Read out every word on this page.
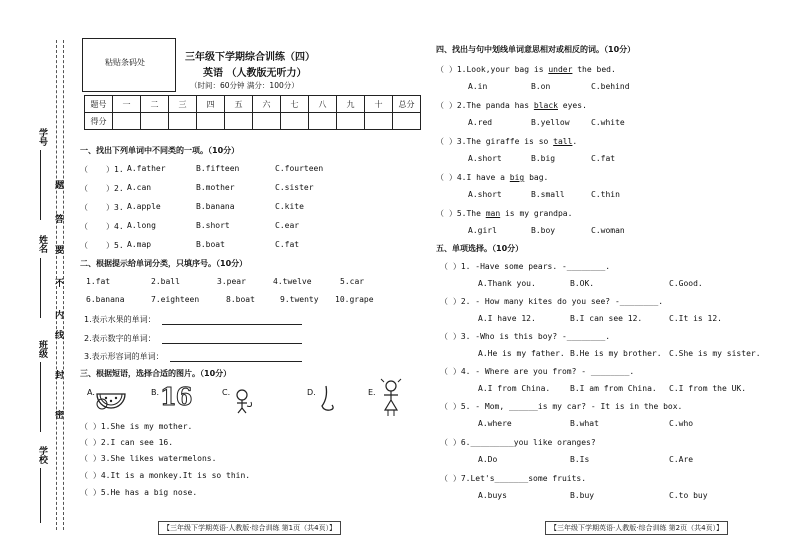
学号
姓名
班级
学校
密
封
线
内
不
要
答
题
粘贴条码处	三年级下学期综合训练（四）
英语 （人教版无听力）
（时间：60分钟 满分：100分）
题号	一	二	三	四	五	六	七	八	九	十	总分
得分											
一、找出下列单词中不同类的一项。（10分）
（ ）1. A.father	B.fifteen	C.fourteen
（ ）2. A.can	B.mother	C.sister
（ ）3. A.apple	B.banana	C.kite
（ ）4. A.long	B.short	C.ear
（ ）5. A.map	B.boat	C.fat
二、根据提示给单词分类，只填序号。（10分）
1.fat	2.ball	3.pear	4.twelve	5.car
6.banana	7.eighteen	8.boat	9.twenty 10.grape
1.表示水果的单词：
2.表示数字的单词：
3.表示形容词的单词：
三、根据短语，选择合适的图片。（10分）
A.	B. 16	C.	D.	E.
（ ）1.She is my mother.
（ ）2.I can see 16.
（ ）3.She likes watermelons.
（ ）4.It is a monkey.It is so thin.
（ ）5.He has a big nose.
【三年级下学期英语·人教版·综合训练 第1页（共4页）】
四、找出与句中划线单词意思相对或相反的词。（10分）
（ ）1.Look,your bag is under the bed.
A.in	B.on	C.behind
（ ）2.The panda has black eyes.
A.red	B.yellow	C.white
（ ）3.The giraffe is so tall.
A.short	B.big	C.fat
（ ）4.I have a big bag.
A.short	B.small	C.thin
（ ）5.The man is my grandpa.
A.girl	B.boy	C.woman
五、单项选择。（10分）
（ ）1. -Have some pears. -________.
A.Thank you.	B.OK.	C.Good.
（ ）2. - How many kites do you see? -________.
A.I have 12.	B.I can see 12.	C.It is 12.
（ ）3. -Who is this boy? -________.
A.He is my father. B.He is my brother. C.She is my sister.
（ ）4. - Where are you from? - ________.
A.I from China. B.I am from China. C.I from the UK.
（ ）5. - Mom, ______is my car? - It is in the box.
A.where	B.what	C.who
（ ）6._________you like oranges?
A.Do	B.Is	C.Are
（ ）7.Let's_______some fruits.
A.buys	B.buy	C.to buy
【三年级下学期英语·人教版·综合训练 第2页（共4页）】
